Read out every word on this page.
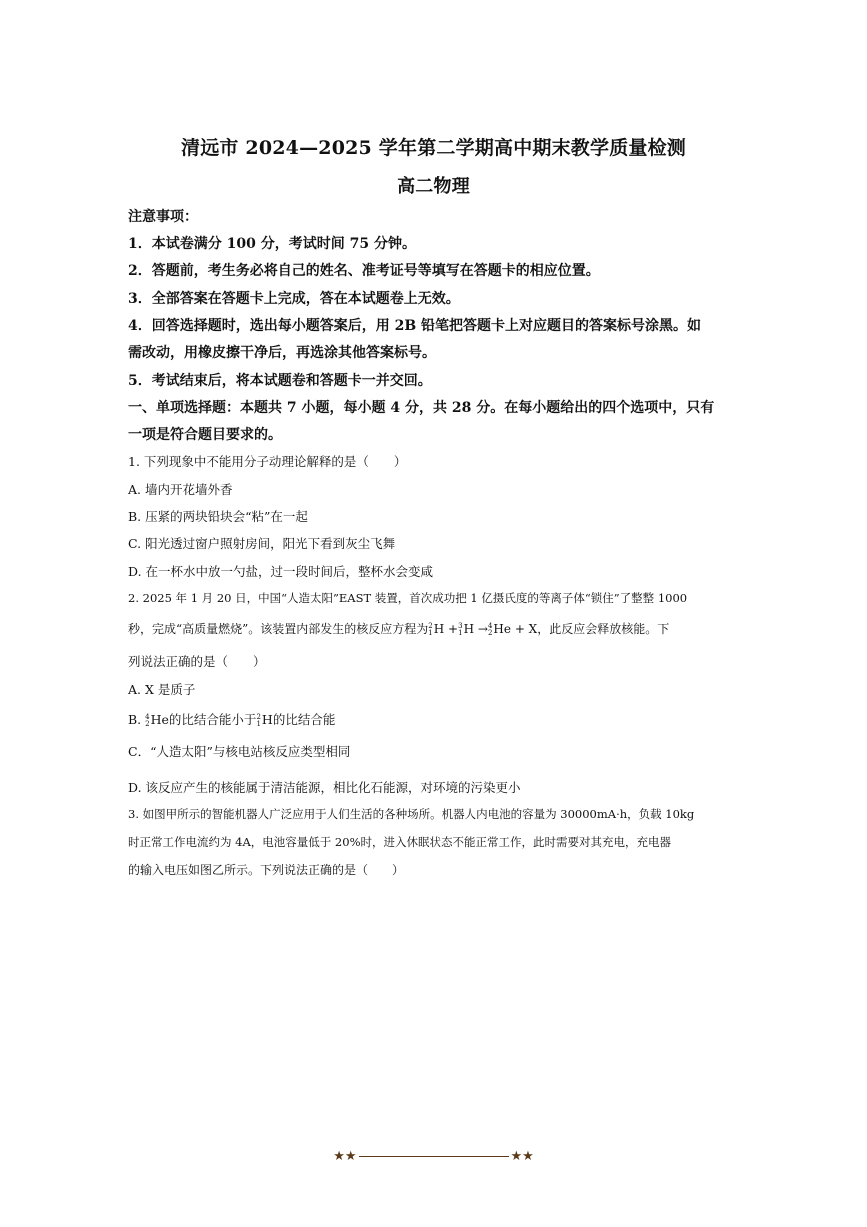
清远市 2024—2025 学年第二学期高中期末教学质量检测
高二物理
注意事项：
1．本试卷满分 100 分，考试时间 75 分钟。
2．答题前，考生务必将自己的姓名、准考证号等填写在答题卡的相应位置。
3．全部答案在答题卡上完成，答在本试题卷上无效。
4．回答选择题时，选出每小题答案后，用 2B 铅笔把答题卡上对应题目的答案标号涂黑。如
需改动，用橡皮擦干净后，再选涂其他答案标号。
5．考试结束后，将本试题卷和答题卡一并交回。
一、单项选择题：本题共 7 小题，每小题 4 分，共 28 分。在每小题给出的四个选项中，只有
一项是符合题目要求的。
1. 下列现象中不能用分子动理论解释的是（　　）
A. 墙内开花墙外香
B. 压紧的两块铅块会“粘”在一起
C. 阳光透过窗户照射房间，阳光下看到灰尘飞舞
D. 在一杯水中放一勺盐，过一段时间后，整杯水会变咸
2. 2025 年 1 月 20 日，中国“人造太阳”EAST 装置，首次成功把 1 亿摄氏度的等离子体“锁住”了整整 1000
秒，完成“高质量燃烧”。该装置内部发生的核反应方程为 2
1 H + 3
1 H → 4
2 He + X，此反应会释放核能。下
列说法正确的是（　　）
A. X 是质子
B. 4
2 He的比结合能小于 2
1 H的比结合能
C．“人造太阳”与核电站核反应类型相同
D. 该反应产生的核能属于清洁能源，相比化石能源，对环境的污染更小
3. 如图甲所示的智能机器人广泛应用于人们生活的各种场所。机器人内电池的容量为 30000mA·h，负载 10kg
时正常工作电流约为 4A，电池容量低于 20%时，进入休眠状态不能正常工作，此时需要对其充电，充电器
的输入电压如图乙所示。下列说法正确的是（　　）
★★	★★
